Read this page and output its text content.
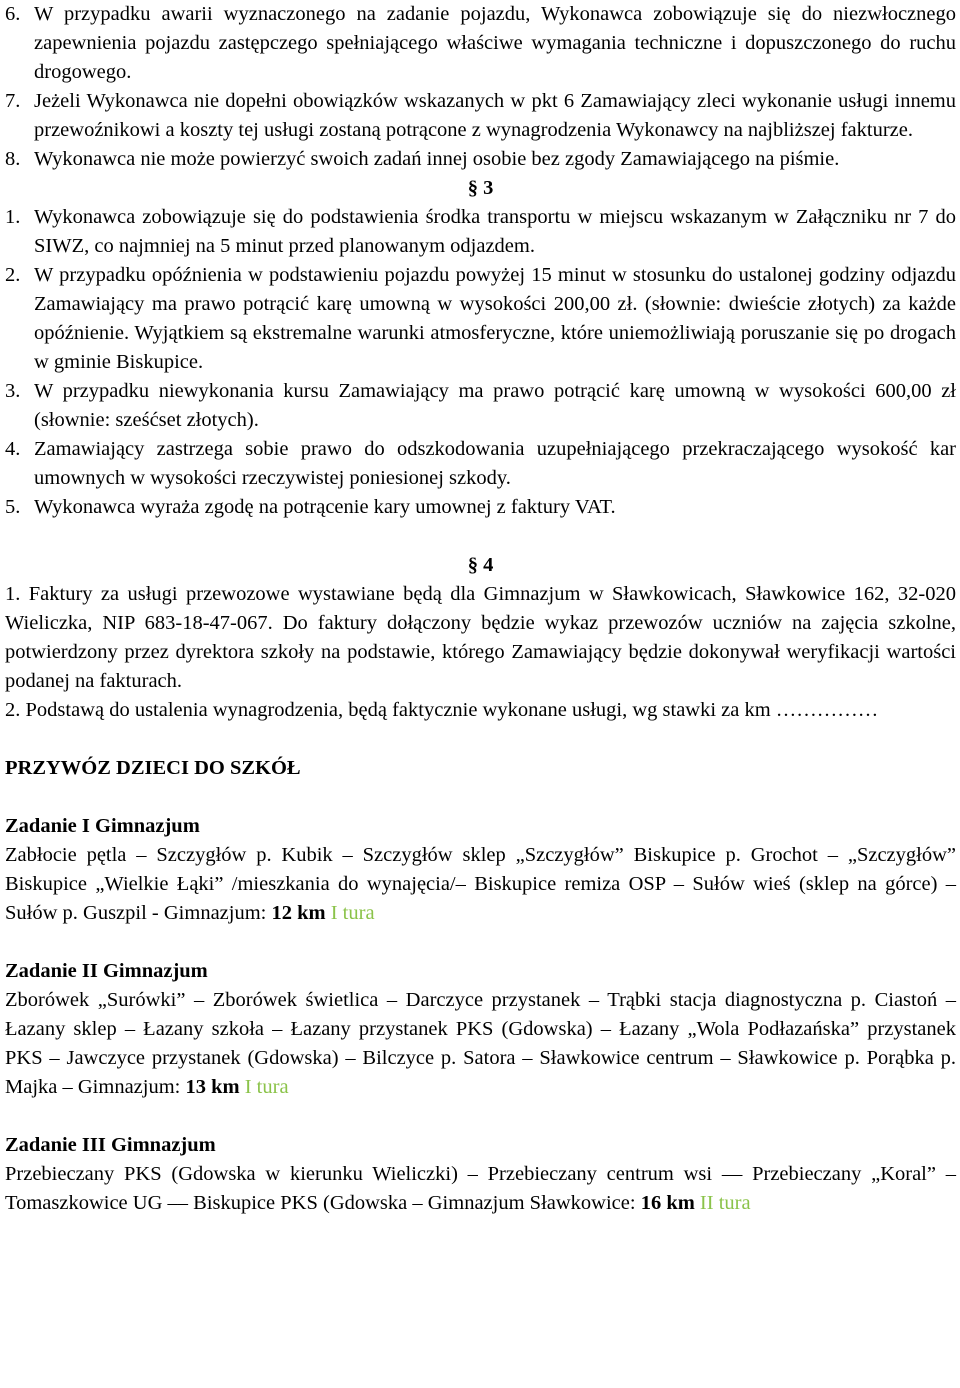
6. W przypadku awarii wyznaczonego na zadanie pojazdu, Wykonawca zobowiązuje się do niezwłocznego zapewnienia pojazdu zastępczego spełniającego właściwe wymagania techniczne i dopuszczonego do ruchu drogowego.
7. Jeżeli Wykonawca nie dopełni obowiązków wskazanych w pkt 6 Zamawiający zleci wykonanie usługi innemu przewoźnikowi a koszty tej usługi zostaną potrącone z wynagrodzenia Wykonawcy na najbliższej fakturze.
8. Wykonawca nie może powierzyć swoich zadań innej osobie bez zgody Zamawiającego na piśmie.
§ 3
1. Wykonawca zobowiązuje się do podstawienia środka transportu w miejscu wskazanym w Załączniku nr 7 do SIWZ, co najmniej na 5 minut przed planowanym odjazdem.
2. W przypadku opóźnienia w podstawieniu pojazdu powyżej 15 minut w stosunku do ustalonej godziny odjazdu Zamawiający ma prawo potrącić karę umowną w wysokości 200,00 zł. (słownie: dwieście złotych) za każde opóźnienie. Wyjątkiem są ekstremalne warunki atmosferyczne, które uniemożliwiają poruszanie się po drogach w gminie Biskupice.
3. W przypadku niewykonania kursu Zamawiający ma prawo potrącić karę umowną w wysokości 600,00 zł (słownie: sześćset złotych).
4. Zamawiający zastrzega sobie prawo do odszkodowania uzupełniającego przekraczającego wysokość kar umownych w wysokości rzeczywistej poniesionej szkody.
5. Wykonawca wyraża zgodę na potrącenie kary umownej z faktury VAT.
§ 4
1. Faktury za usługi przewozowe wystawiane będą dla Gimnazjum w Sławkowicach, Sławkowice 162, 32-020 Wieliczka, NIP 683-18-47-067. Do faktury dołączony będzie wykaz przewozów uczniów na zajęcia szkolne, potwierdzony przez dyrektora szkoły na podstawie, którego Zamawiający będzie dokonywał weryfikacji wartości podanej na fakturach.
2. Podstawą do ustalenia wynagrodzenia, będą faktycznie wykonane usługi, wg stawki za km ……………
PRZYWÓZ DZIECI DO SZKÓŁ
Zadanie I Gimnazjum
Zabłocie pętla – Szczygłów p. Kubik – Szczygłów sklep „Szczygłów” Biskupice p. Grochot – „Szczygłów” Biskupice „Wielkie Łąki” /mieszkania do wynajęcia/– Biskupice remiza OSP – Sułów wieś (sklep na górce) – Sułów p. Guszpil - Gimnazjum: 12 km I tura
Zadanie II Gimnazjum
Zborówek „Surówki” – Zborówek świetlica – Darczyce przystanek – Trąbki stacja diagnostyczna p. Ciastoń – Łazany sklep – Łazany szkoła – Łazany przystanek PKS (Gdowska) – Łazany „Wola Podłazańska” przystanek PKS – Jawczyce przystanek (Gdowska) – Bilczyce p. Satora – Sławkowice centrum – Sławkowice p. Porąbka p. Majka – Gimnazjum: 13 km I tura
Zadanie III Gimnazjum
Przebieczany PKS (Gdowska w kierunku Wieliczki) – Przebieczany centrum wsi –– Przebieczany „Koral” – Tomaszkowice UG –– Biskupice PKS (Gdowska – Gimnazjum Sławkowice: 16 km II tura
